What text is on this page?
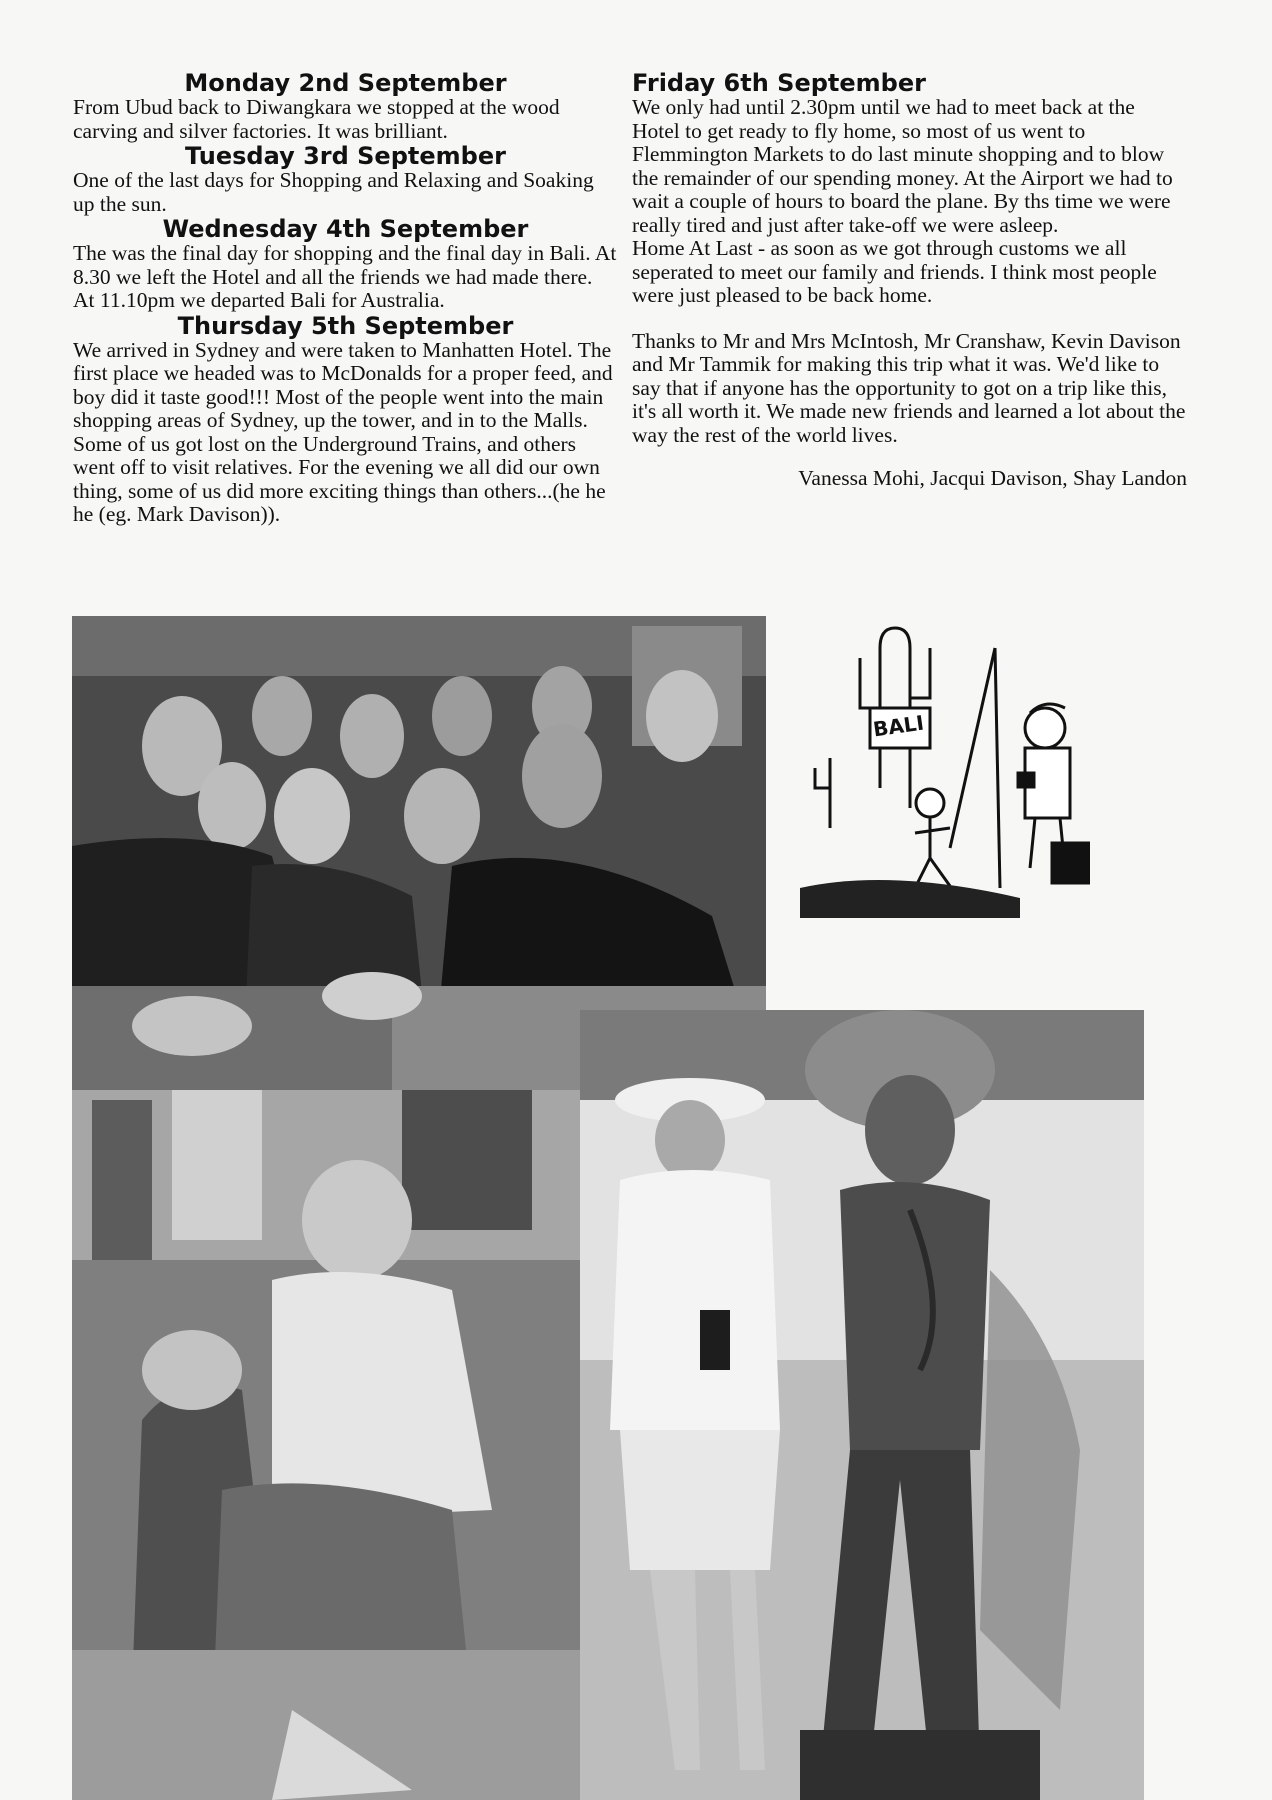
Monday 2nd September

From Ubud back to Diwangkara we stopped at the wood carving and silver factories. It was brilliant.

Tuesday 3rd September

One of the last days for Shopping and Relaxing and Soaking up the sun.

Wednesday 4th September

The was the final day for shopping and the final day in Bali. At 8.30 we left the Hotel and all the friends we had made there. At 11.10pm we departed Bali for Australia.

Thursday 5th September

We arrived in Sydney and were taken to Manhatten Hotel. The first place we headed was to McDonalds for a proper feed, and boy did it taste good!!! Most of the people went into the main shopping areas of Sydney, up the tower, and in to the Malls. Some of us got lost on the Underground Trains, and others went off to visit relatives. For the evening we all did our own thing, some of us did more exciting things than others...(he he he (eg. Mark Davison)).

Friday 6th September

We only had until 2.30pm until we had to meet back at the Hotel to get ready to fly home, so most of us went to Flemmington Markets to do last minute shopping and to blow the remainder of our spending money. At the Airport we had to wait a couple of hours to board the plane. By ths time we were really tired and just after take-off we were asleep.

Home At Last - as soon as we got through customs we all seperated to meet our family and friends. I think most people were just pleased to be back home.

Thanks to Mr and Mrs McIntosh, Mr Cranshaw, Kevin Davison and Mr Tammik for making this trip what it was. We'd like to say that if anyone has the opportunity to got on a trip like this, it's all worth it. We made new friends and learned a lot about the way the rest of the world lives.

Vanessa Mohi, Jacqui Davison, Shay Landon

BALI
